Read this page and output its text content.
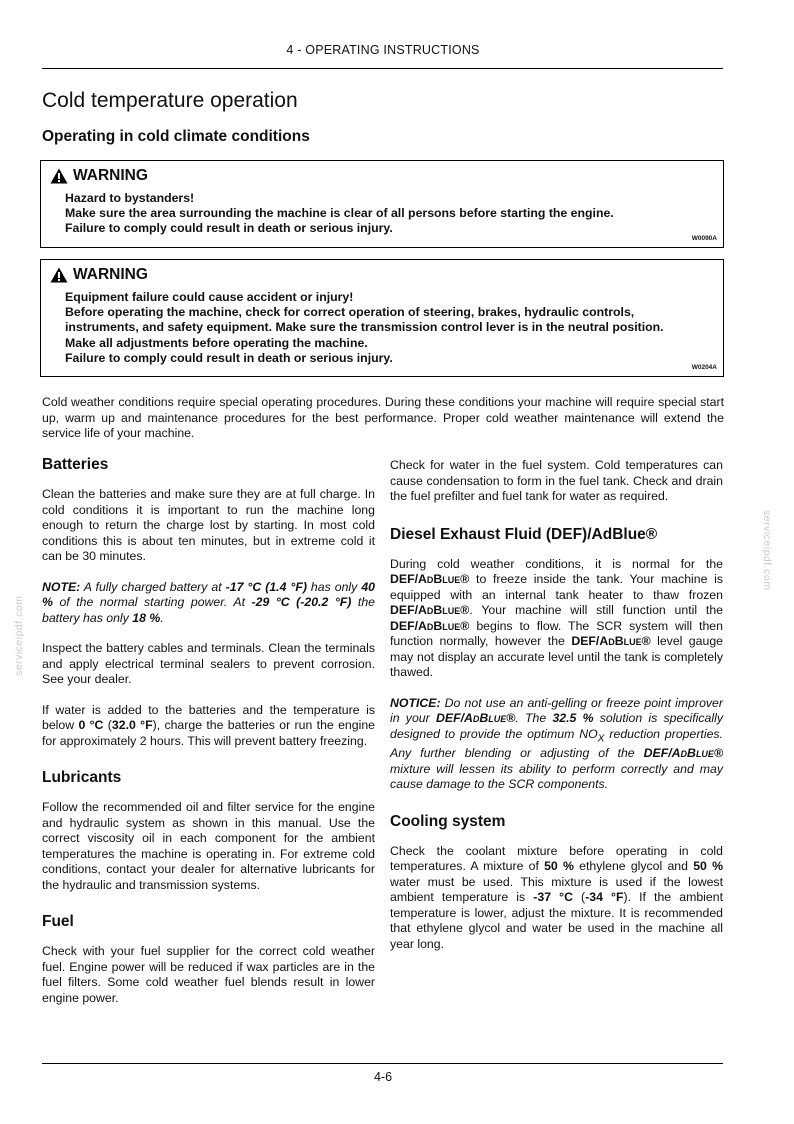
4 - OPERATING INSTRUCTIONS
Cold temperature operation
Operating in cold climate conditions
WARNING
Hazard to bystanders!
Make sure the area surrounding the machine is clear of all persons before starting the engine.
Failure to comply could result in death or serious injury.
W0090A
WARNING
Equipment failure could cause accident or injury!
Before operating the machine, check for correct operation of steering, brakes, hydraulic controls,
instruments, and safety equipment. Make sure the transmission control lever is in the neutral position.
Make all adjustments before operating the machine.
Failure to comply could result in death or serious injury.
W0204A

Cold weather conditions require special operating procedures. During these conditions your machine will require special start up, warm up and maintenance procedures for the best performance. Proper cold weather maintenance will extend the service life of your machine.

Batteries

Clean the batteries and make sure they are at full charge. In cold conditions it is important to run the machine long enough to return the charge lost by starting. In most cold conditions this is about ten minutes, but in extreme cold it can be 30 minutes.

NOTE: A fully charged battery at -17 °C (1.4 °F) has only 40 % of the normal starting power. At -29 °C (-20.2 °F) the battery has only 18 %.

Inspect the battery cables and terminals. Clean the terminals and apply electrical terminal sealers to prevent corrosion. See your dealer.

If water is added to the batteries and the temperature is below 0 °C (32.0 °F), charge the batteries or run the engine for approximately 2 hours. This will prevent battery freezing.

Lubricants

Follow the recommended oil and filter service for the engine and hydraulic system as shown in this manual. Use the correct viscosity oil in each component for the ambient temperatures the machine is operating in. For extreme cold conditions, contact your dealer for alternative lubricants for the hydraulic and transmission systems.

Fuel

Check with your fuel supplier for the correct cold weather fuel. Engine power will be reduced if wax particles are in the fuel filters. Some cold weather fuel blends result in lower engine power.

Check for water in the fuel system. Cold temperatures can cause condensation to form in the fuel tank. Check and drain the fuel prefilter and fuel tank for water as required.

Diesel Exhaust Fluid (DEF)/AdBlue®

During cold weather conditions, it is normal for the DEF/AdBlue® to freeze inside the tank. Your machine is equipped with an internal tank heater to thaw frozen DEF/AdBlue®. Your machine will still function until the DEF/AdBlue® begins to flow. The SCR system will then function normally, however the DEF/AdBlue® level gauge may not display an accurate level until the tank is completely thawed.

NOTICE: Do not use an anti-gelling or freeze point improver in your DEF/AdBlue®. The 32.5 % solution is specifically designed to provide the optimum $NO_X$ reduction properties. Any further blending or adjusting of the DEF/AdBlue® mixture will lessen its ability to perform correctly and may cause damage to the SCR components.

Cooling system

Check the coolant mixture before operating in cold temperatures. A mixture of 50 % ethylene glycol and 50 % water must be used. This mixture is used if the lowest ambient temperature is -37 °C (-34 °F). If the ambient temperature is lower, adjust the mixture. It is recommended that ethylene glycol and water be used in the machine all year long.

serviceipdf.com
serviceipdf.com
4-6
